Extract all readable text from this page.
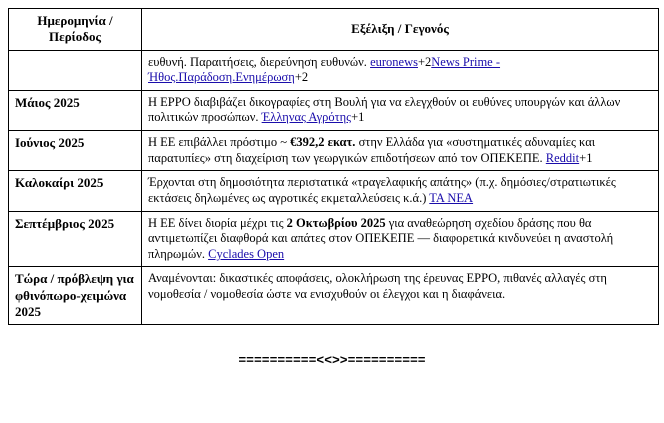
Ημερομηνία /
Περίοδος	Εξέλιξη / Γεγονός
	ευθυνή. Παραιτήσεις, διερεύνηση ευθυνών. euronews+2News Prime - Ήθος.Παράδοση.Ενημέρωση+2
Μάιος 2025	Η ΕΡΡΟ διαβιβάζει δικογραφίες στη Βουλή για να ελεγχθούν οι ευθύνες υπουργών και άλλων πολιτικών προσώπων. Έλληνας Αγρότης+1
Ιούνιος 2025	Η ΕΕ επιβάλλει πρόστιμο ~ €392,2 εκατ. στην Ελλάδα για «συστηματικές αδυναμίες και παρατυπίες» στη διαχείριση των γεωργικών επιδοτήσεων από τον ΟΠΕΚΕΠΕ. Reddit+1
Καλοκαίρι 2025	Έρχονται στη δημοσιότητα περιστατικά «τραγελαφικής απάτης» (π.χ. δημόσιες/στρατιωτικές εκτάσεις δηλωμένες ως αγροτικές εκμεταλλεύσεις κ.ά.) ΤΑ ΝΕΑ
Σεπτέμβριος 2025	Η ΕΕ δίνει διορία μέχρι τις 2 Οκτωβρίου 2025 για αναθεώρηση σχεδίου δράσης που θα αντιμετωπίζει διαφθορά και απάτες στον ΟΠΕΚΕΠΕ — διαφορετικά κινδυνεύει η αναστολή πληρωμών. Cyclades Open
Τώρα / πρόβλεψη για φθινόπωρο-χειμώνα 2025	Αναμένονται: δικαστικές αποφάσεις, ολοκλήρωση της έρευνας ΕΡΡΟ, πιθανές αλλαγές στη νομοθεσία / νομοθεσία ώστε να ενισχυθούν οι έλεγχοι και η διαφάνεια.
==========<<>>==========
